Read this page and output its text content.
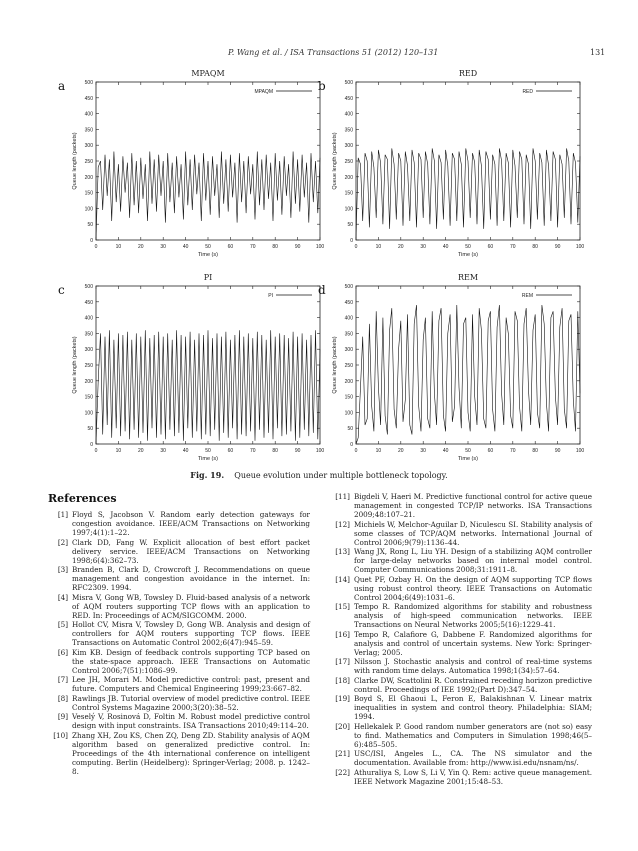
P. Wang et al. / ISA Transactions 51 (2012) 120–131	131
a
MPAQM
0
50
100
150
200
250
300
350
400
450
500
0	10	20	30	40	50	60	70	80	90	100
Time (s)
Queue length (packets)
MPAQM	b
RED
0
50
100
150
200
250
300
350
400
450
500
0	10	20	30	40	50	60	70	80	90	100
Time (s)
Queue length (packets)
RED
c
PI
0
50
100
150
200
250
300
350
400
450
500
0	10	20	30	40	50	60	70	80	90	100
Time (s)
Queue length (packets)
PI	d
REM
0
50
100
150
200
250
300
350
400
450
500
0	10	20	30	40	50	60	70	80	90	100
Time (s)
Queue length (packets)
REM
Fig. 19. Queue evolution under multiple bottleneck topology.
References
[1] Floyd S, Jacobson V. Random early detection gateways for congestion avoidance. IEEE/ACM Transactions on Networking 1997;4(1):1–22.
[2] Clark DD, Fang W. Explicit allocation of best effort packet delivery service. IEEE/ACM Transactions on Networking 1998;6(4):362–73.
[3] Branden B, Clark D, Crowcroft J. Recommendations on queue management and congestion avoidance in the internet. In: RFC2309. 1994.
[4] Misra V, Gong WB, Towsley D. Fluid-based analysis of a network of AQM routers supporting TCP flows with an application to RED. In: Proceedings of ACM/SIGCOMM. 2000.
[5] Hollot CV, Misra V, Towsley D, Gong WB. Analysis and design of controllers for AQM routers supporting TCP flows. IEEE Transactions on Automatic Control 2002;6(47):945–59.
[6] Kim KB. Design of feedback controls supporting TCP based on the state-space approach. IEEE Transactions on Automatic Control 2006;7(51):1086–99.
[7] Lee JH, Morari M. Model predictive control: past, present and future. Computers and Chemical Engineering 1999;23:667–82.
[8] Rawlings JB. Tutorial overview of model predictive control. IEEE Control Systems Magazine 2000;3(20):38–52.
[9] Veselý V, Rosinová D, Foltin M. Robust model predictive control design with input constraints. ISA Transactions 2010;49:114–20.
[10] Zhang XH, Zou KS, Chen ZQ, Deng ZD. Stability analysis of AQM algorithm based on generalized predictive control. In: Proceedings of the 4th international conference on intelligent computing. Berlin (Heidelberg): Springer-Verlag; 2008. p. 1242–8.
[11] Bigdeli V, Haeri M. Predictive functional control for active queue management in congested TCP/IP networks. ISA Transactions 2009;48:107–21.
[12] Michiels W, Melchor-Aguilar D, Niculescu SI. Stability analysis of some classes of TCP/AQM networks. International Journal of Control 2006;9(79):1136–44.
[13] Wang JX, Rong L, Liu YH. Design of a stabilizing AQM controller for large-delay networks based on internal model control. Computer Communications 2008;31:1911–8.
[14] Quet PF, Ozbay H. On the design of AQM supporting TCP flows using robust control theory. IEEE Transactions on Automatic Control 2004;6(49):1031–6.
[15] Tempo R. Randomized algorithms for stability and robustness analysis of high-speed communication networks. IEEE Transactions on Neural Networks 2005;5(16):1229–41.
[16] Tempo R, Calafiore G, Dabbene F. Randomized algorithms for analysis and control of uncertain systems. New York: Springer-Verlag; 2005.
[17] Nilsson J. Stochastic analysis and control of real-time systems with random time delays. Automatica 1998;1(34):57–64.
[18] Clarke DW, Scattolini R. Constrained receding horizon predictive control. Proceedings of IEE 1992;(Part D):347–54.
[19] Boyd S, El Ghaoui L, Feron E, Balakishnan V. Linear matrix inequalities in system and control theory. Philadelphia: SIAM; 1994.
[20] Hellekalek P. Good random number generators are (not so) easy to find. Mathematics and Computers in Simulation 1998;46(5–6):485–505.
[21] USC/ISI, Angeles L., CA. The NS simulator and the documentation. Available from: http://www.isi.edu/nsnam/ns/.
[22] Athuraliya S, Low S, Li V, Yin Q. Rem: active queue management. IEEE Network Magazine 2001;15:48–53.
